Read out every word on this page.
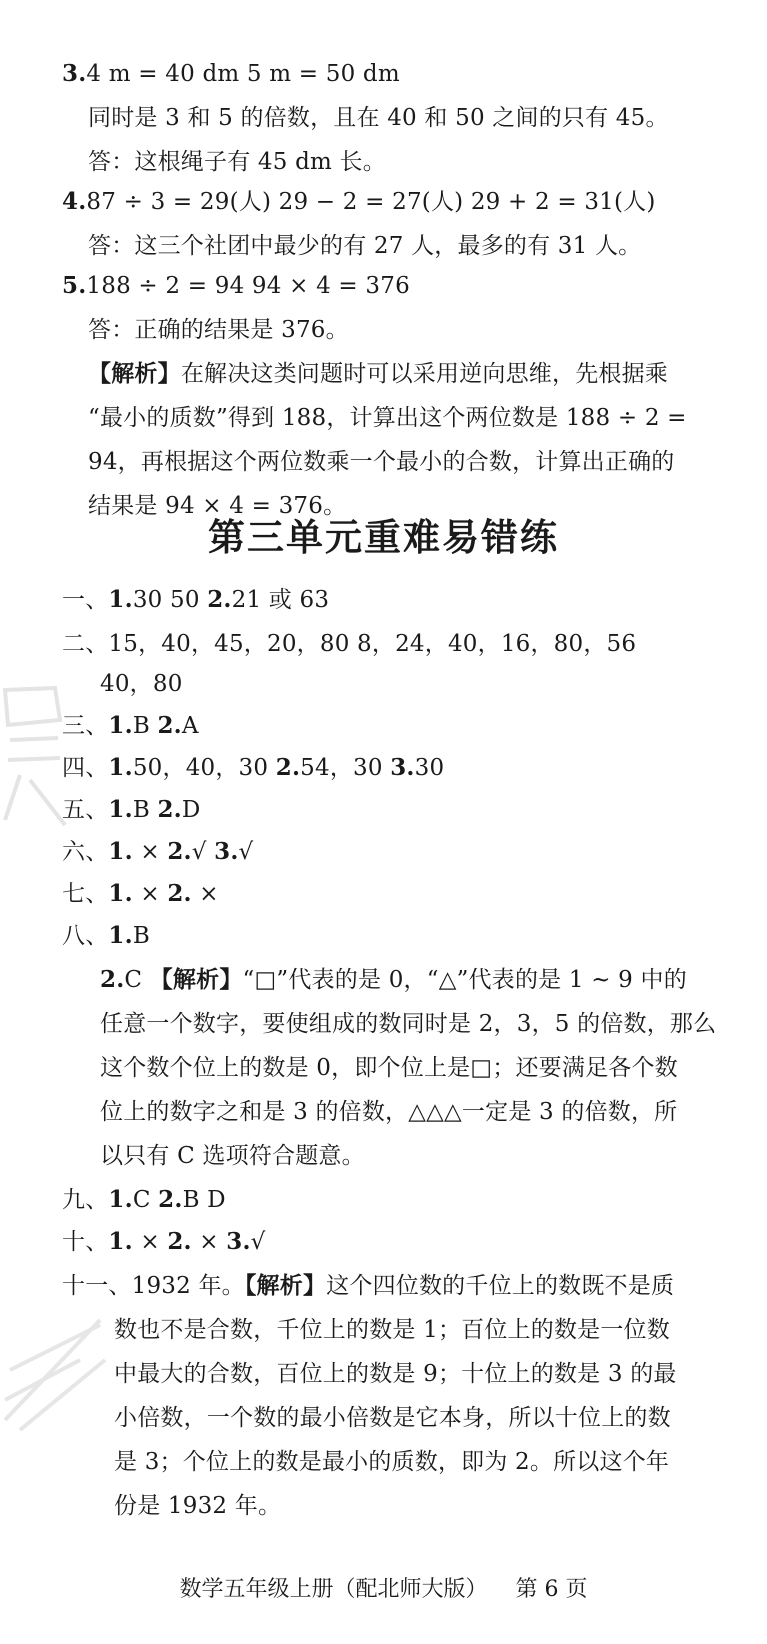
3.4 m = 40 dm 5 m = 50 dm
同时是 3 和 5 的倍数，且在 40 和 50 之间的只有 45。
答：这根绳子有 45 dm 长。
4.87 ÷ 3 = 29(人) 29 − 2 = 27(人) 29 + 2 = 31(人)
答：这三个社团中最少的有 27 人，最多的有 31 人。
5.188 ÷ 2 = 94 94 × 4 = 376
答：正确的结果是 376。
【解析】在解决这类问题时可以采用逆向思维，先根据乘
“最小的质数”得到 188，计算出这个两位数是 188 ÷ 2 =
94，再根据这个两位数乘一个最小的合数，计算出正确的
结果是 94 × 4 = 376。
第三单元重难易错练
一、1.30 50 2.21 或 63
二、15，40，45，20，80 8，24，40，16，80，56
40，80
三、1.B 2.A
四、1.50，40，30 2.54，30 3.30
五、1.B 2.D
六、1. × 2.√ 3.√
七、1. × 2. ×
八、1.B
2.C 【解析】“□”代表的是 0，“△”代表的是 1 ~ 9 中的
任意一个数字，要使组成的数同时是 2，3，5 的倍数，那么
这个数个位上的数是 0，即个位上是□；还要满足各个数
位上的数字之和是 3 的倍数，△△△一定是 3 的倍数，所
以只有 C 选项符合题意。
九、1.C 2.B D
十、1. × 2. × 3.√
十一、1932 年。【解析】这个四位数的千位上的数既不是质
数也不是合数，千位上的数是 1；百位上的数是一位数
中最大的合数，百位上的数是 9；十位上的数是 3 的最
小倍数，一个数的最小倍数是它本身，所以十位上的数
是 3；个位上的数是最小的质数，即为 2。所以这个年
份是 1932 年。
数学五年级上册（配北师大版） 第 6 页
